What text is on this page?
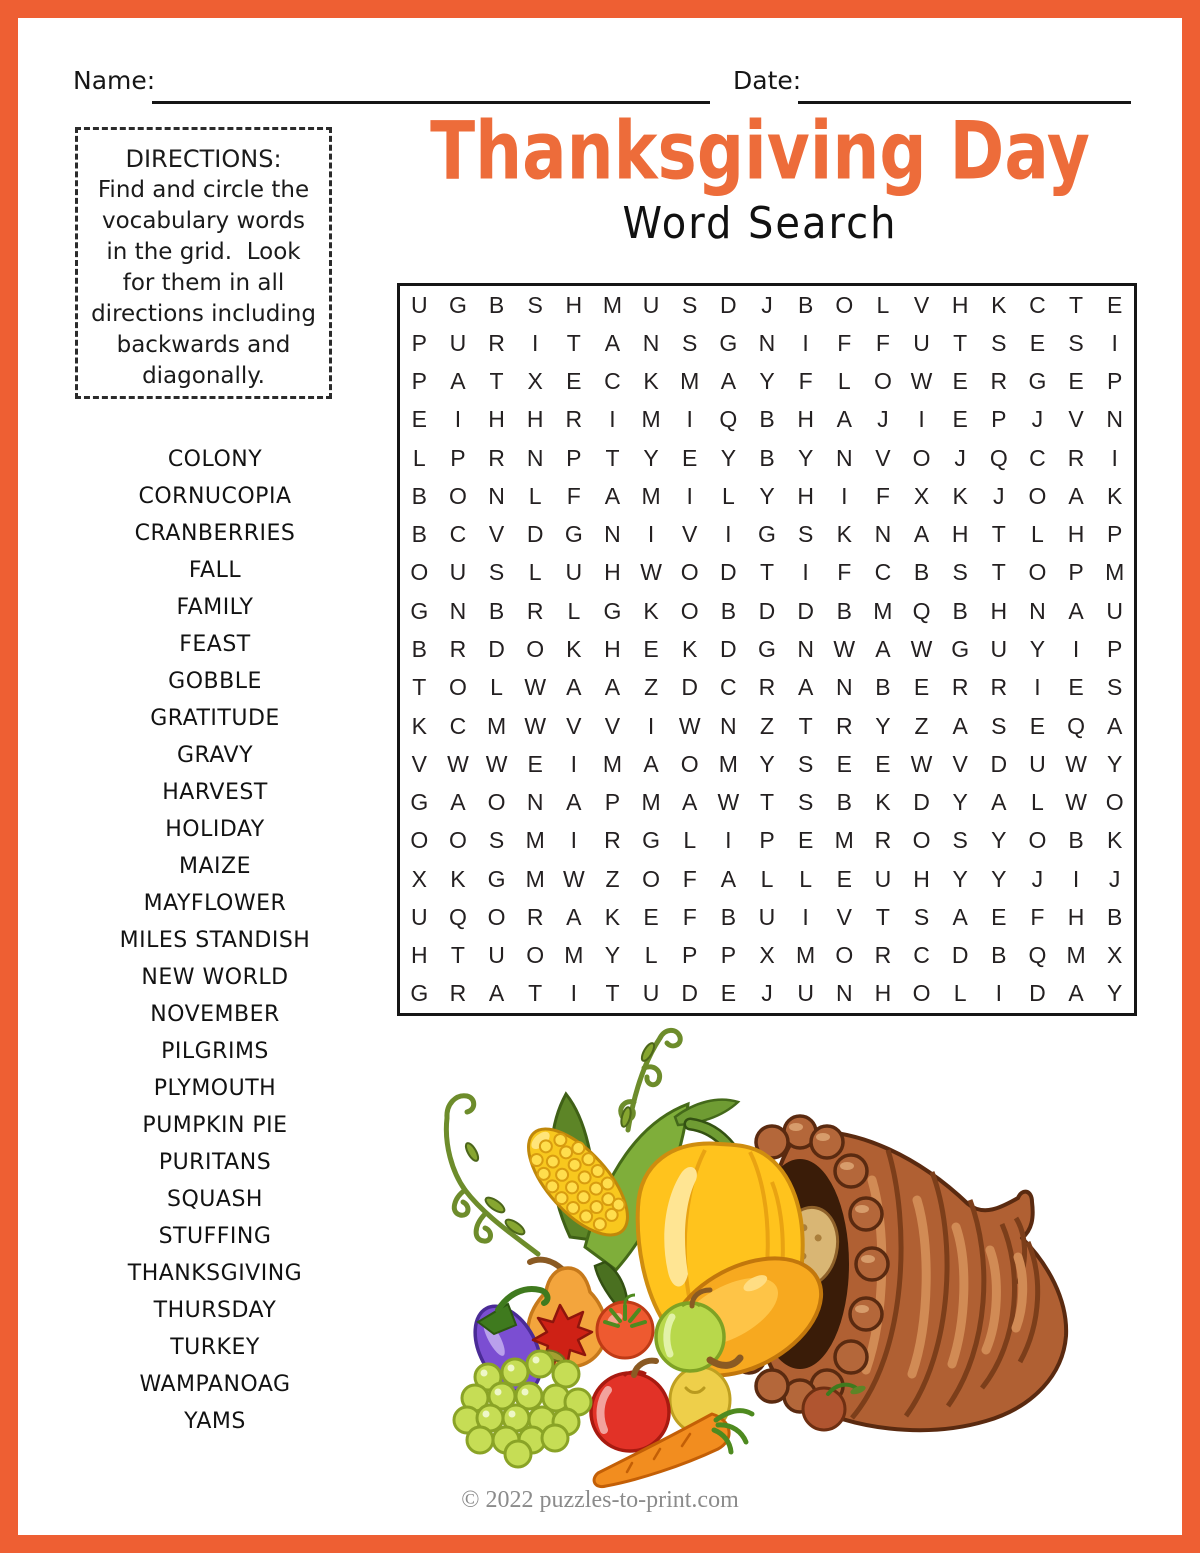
Name:	Date:
Thanksgiving Day
Word Search
DIRECTIONS:
Find and circle the
vocabulary words
in the grid.  Look
for them in all
directions including
backwards and
diagonally.
COLONY
CORNUCOPIA
CRANBERRIES
FALL
FAMILY
FEAST
GOBBLE
GRATITUDE
GRAVY
HARVEST
HOLIDAY
MAIZE
MAYFLOWER
MILES STANDISH
NEW WORLD
NOVEMBER
PILGRIMS
PLYMOUTH
PUMPKIN PIE
PURITANS
SQUASH
STUFFING
THANKSGIVING
THURSDAY
TURKEY
WAMPANOAG
YAMS
U G B	S H M U S D	J	B O	L	V H K C	T	E
P U R	I	T	A N S G N	I	F	F	U	T	S	E	S	I
P	A	T	X	E C K M A	Y	F	L	O W E R G E	P
E	I	H H R	I	M	I	Q B H A	J	I	E	P	J	V N
L	P R N P	T	Y	E	Y	B	Y N V O	J	Q C R	I
B O N	L	F	A M	I	L	Y H	I	F	X	K	J	O A	K
B C V D G N	I	V	I	G S	K N A H	T	L	H P
O U S	L	U H W O D	T	I	F	C B	S	T O P M
G N B R	L	G K O B D D B M Q B H N A U
B R D O K H E	K D G N W A W G U Y	I	P
T O	L W A	A	Z	D C R A N B	E R R	I	E	S
K C M W V	V	I	W N	Z	T	R Y	Z	A	S	E Q A
V W W E	I	M A O M Y	S	E	E W V D U W Y
G A O N A	P M A W T	S	B	K D Y	A	L W O
O O S M	I	R G	L	I	P	E M R O S	Y O B	K
X	K G M W Z O F	A	L	L	E U H Y	Y	J	I	J
U Q O R A	K	E	F	B U	I	V	T	S	A	E	F	H B
H	T	U O M Y	L	P	P	X M O R C D B Q M X
G R A	T	I	T	U D E	J	U N H O	L	I	D A	Y
© 2022 puzzles-to-print.com
